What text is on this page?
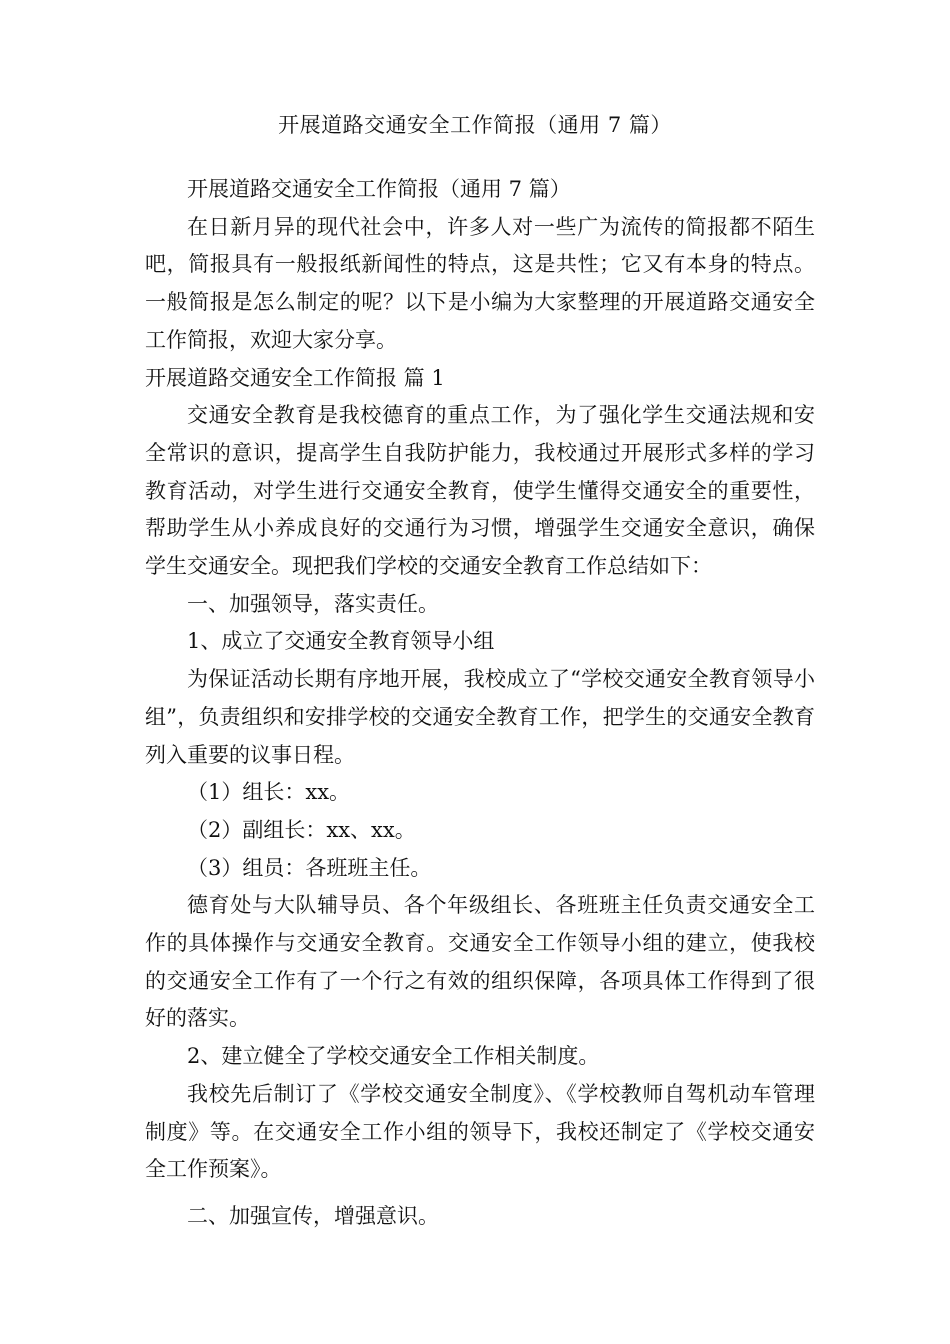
开展道路交通安全工作简报（通用 7 篇）

开展道路交通安全工作简报（通用 7 篇）

在日新月异的现代社会中，许多人对一些广为流传的简报都不陌生吧，简报具有一般报纸新闻性的特点，这是共性；它又有本身的特点。一般简报是怎么制定的呢？以下是小编为大家整理的开展道路交通安全工作简报，欢迎大家分享。

开展道路交通安全工作简报 篇 1

交通安全教育是我校德育的重点工作，为了强化学生交通法规和安全常识的意识，提高学生自我防护能力，我校通过开展形式多样的学习教育活动，对学生进行交通安全教育，使学生懂得交通安全的重要性，帮助学生从小养成良好的交通行为习惯，增强学生交通安全意识，确保学生交通安全。现把我们学校的交通安全教育工作总结如下：

一、加强领导，落实责任。

1、成立了交通安全教育领导小组

为保证活动长期有序地开展，我校成立了“学校交通安全教育领导小组”，负责组织和安排学校的交通安全教育工作，把学生的交通安全教育列入重要的议事日程。

（1）组长：xx。

（2）副组长：xx、xx。

（3）组员：各班班主任。

德育处与大队辅导员、各个年级组长、各班班主任负责交通安全工作的具体操作与交通安全教育。交通安全工作领导小组的建立，使我校的交通安全工作有了一个行之有效的组织保障，各项具体工作得到了很好的落实。

2、建立健全了学校交通安全工作相关制度。

我校先后制订了《学校交通安全制度》、《学校教师自驾机动车管理制度》等。在交通安全工作小组的领导下，我校还制定了《学校交通安全工作预案》。

二、加强宣传，增强意识。
